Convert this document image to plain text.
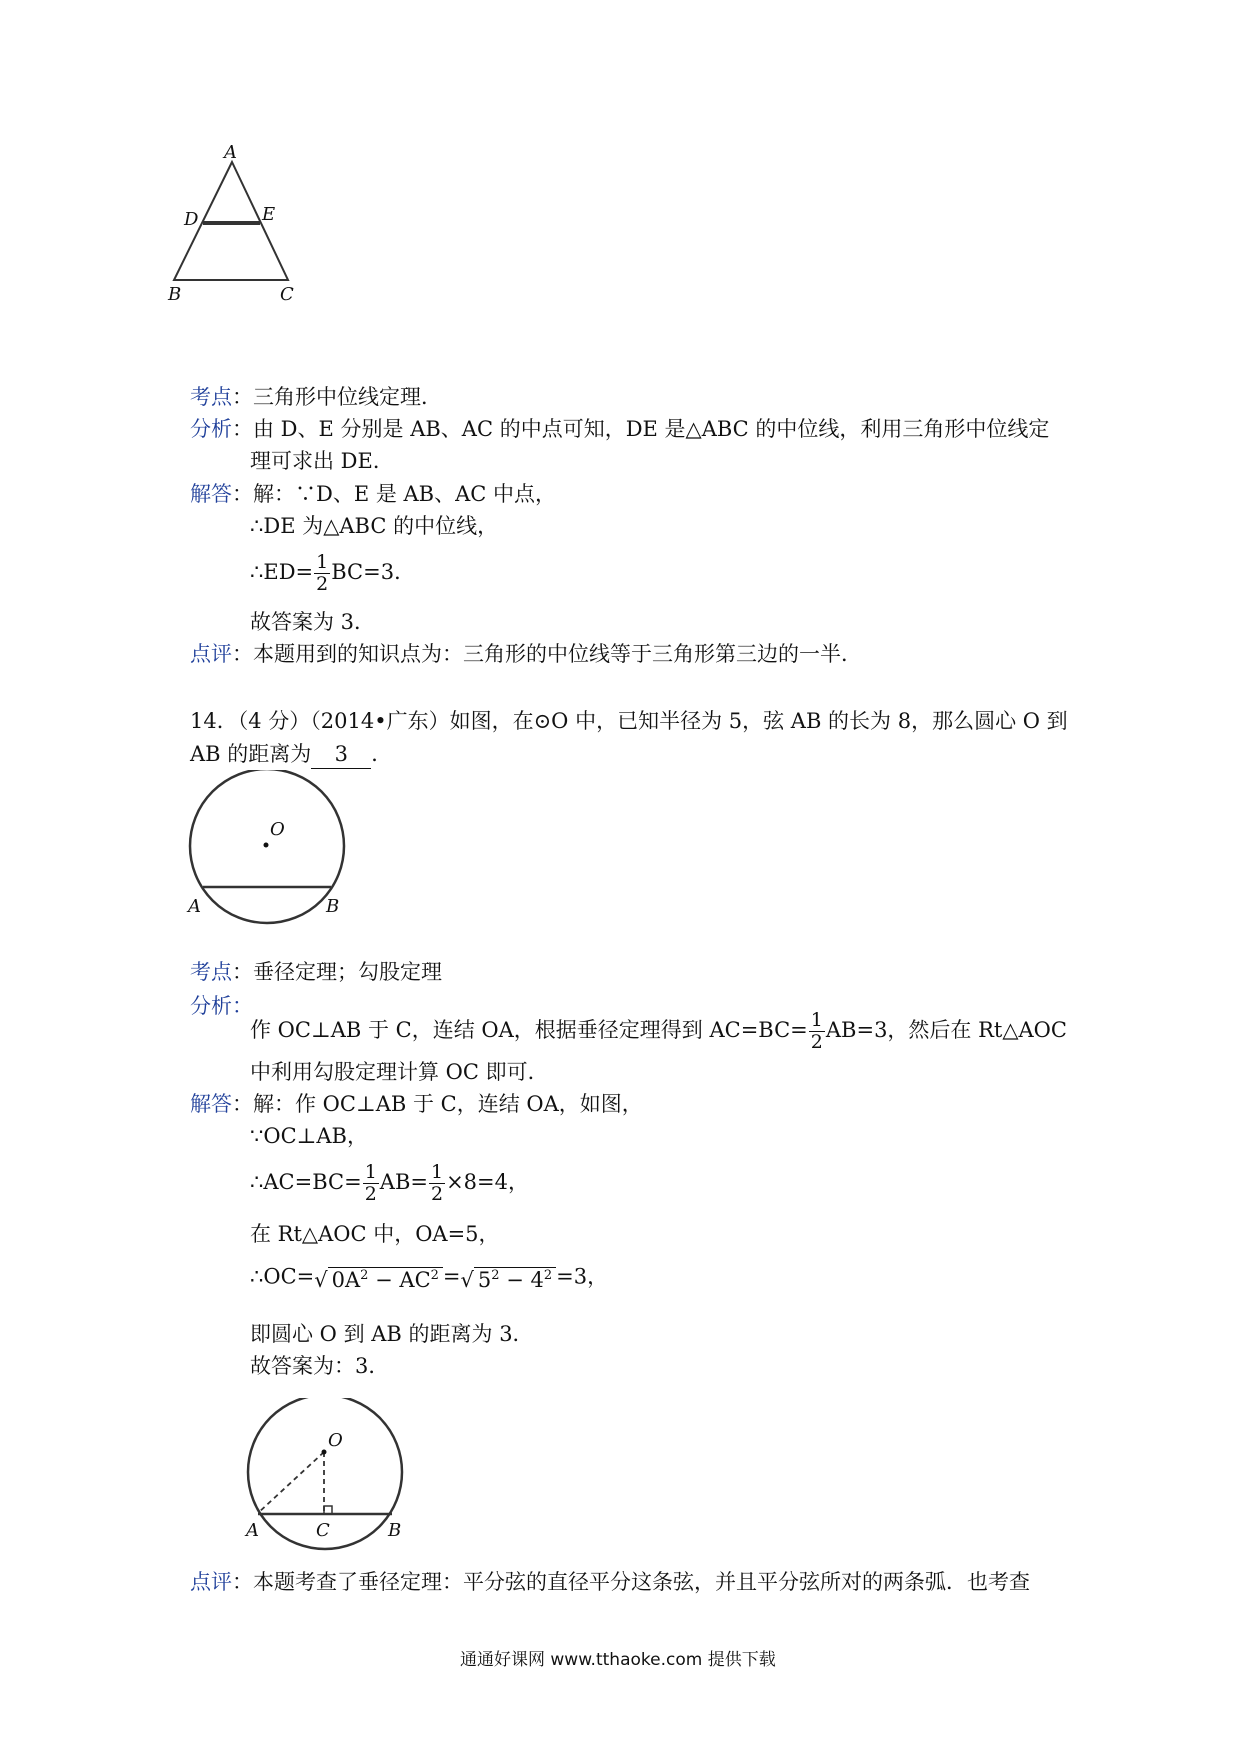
A
D	E
B	C
考点：三角形中位线定理．
分析：由 D、E 分别是 AB、AC 的中点可知，DE 是△ABC 的中位线，利用三角形中位线定
理可求出 DE．
解答：解：∵D、E 是 AB、AC 中点，
∴DE 为△ABC 的中位线，
∴ED= $\frac{1}{2} BC=3$．
故答案为 3．
点评：本题用到的知识点为：三角形的中位线等于三角形第三边的一半．
14．（4 分）（2014•广东）如图，在⊙O 中，已知半径为 5，弦 AB 的长为 8，那么圆心 O 到
AB 的距离为 3 ．
O
A	B
考点：垂径定理；勾股定理
分析：
作 OC⊥AB 于 C，连结 OA，根据垂径定理得到 $AC=BC= \frac{1}{2} AB=3$，然后在 Rt△AOC
中利用勾股定理计算 OC 即可．
解答：解：作 OC⊥AB 于 C，连结 OA，如图，
∵OC⊥AB，
∴AC=BC= $\frac{1}{2} AB= \frac{1}{2} \times 8=4$，
在 Rt△AOC 中，OA=5，
∴OC=√ $0A^2 - AC^2$ =√ $5^2 - 4^2 =3$，
即圆心 O 到 AB 的距离为 3．
故答案为：3．
O
A	C	B
点评：本题考查了垂径定理：平分弦的直径平分这条弦，并且平分弦所对的两条弧．也考查
通通好课网 www.tthaoke.com 提供下载
